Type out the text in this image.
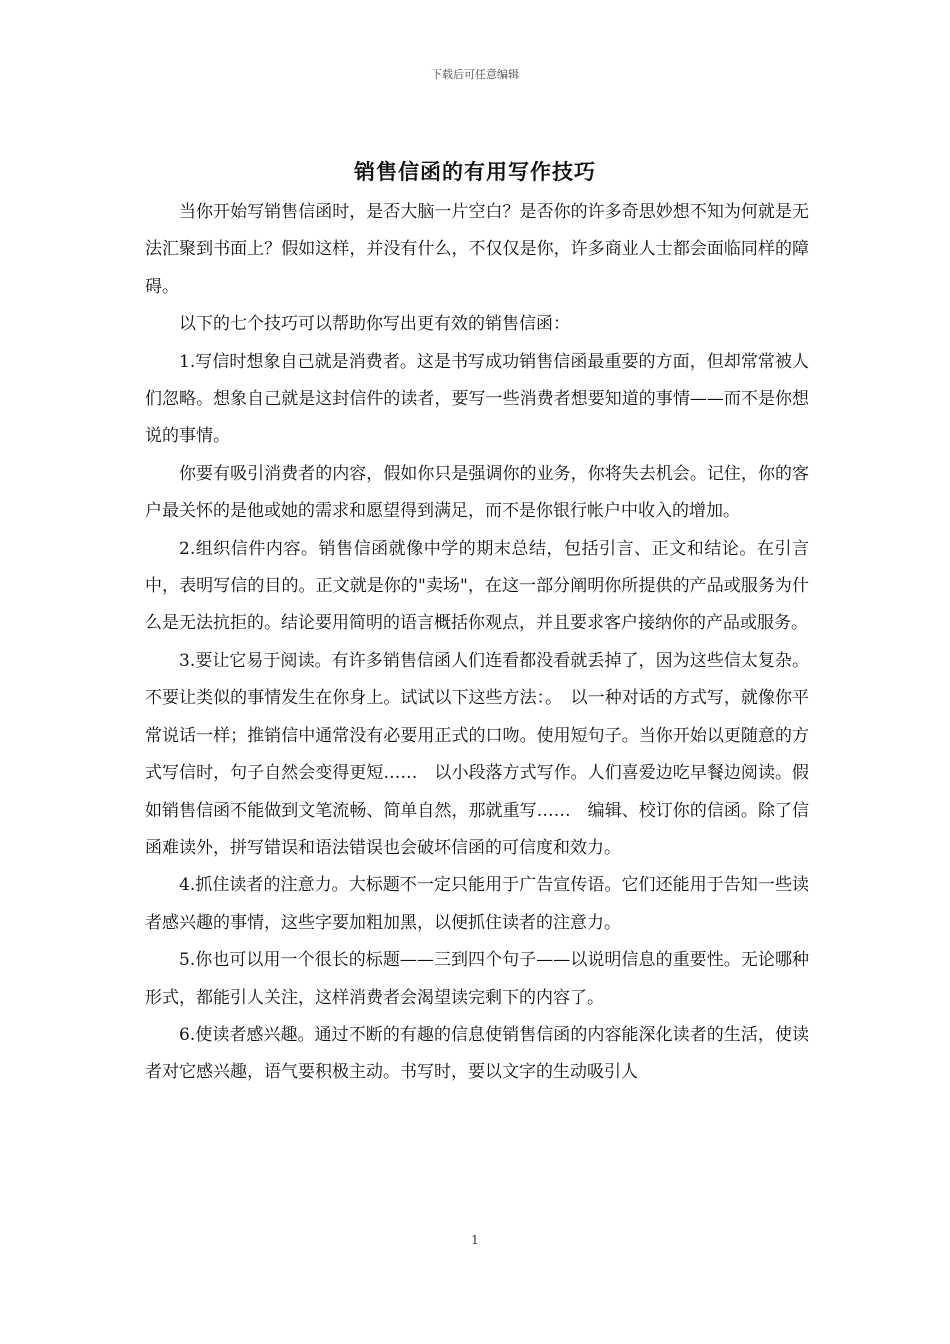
下载后可任意编辑
销售信函的有用写作技巧

当你开始写销售信函时，是否大脑一片空白？是否你的许多奇思妙想不知为何就是无法汇聚到书面上？假如这样，并没有什么，不仅仅是你，许多商业人士都会面临同样的障碍。

以下的七个技巧可以帮助你写出更有效的销售信函：

1.写信时想象自己就是消费者。这是书写成功销售信函最重要的方面，但却常常被人们忽略。想象自己就是这封信件的读者，要写一些消费者想要知道的事情——而不是你想说的事情。

你要有吸引消费者的内容，假如你只是强调你的业务，你将失去机会。记住，你的客户最关怀的是他或她的需求和愿望得到满足，而不是你银行帐户中收入的增加。

2.组织信件内容。销售信函就像中学的期末总结，包括引言、正文和结论。在引言中，表明写信的目的。正文就是你的"卖场"，在这一部分阐明你所提供的产品或服务为什么是无法抗拒的。结论要用简明的语言概括你观点，并且要求客户接纳你的产品或服务。

3.要让它易于阅读。有许多销售信函人们连看都没看就丢掉了，因为这些信太复杂。不要让类似的事情发生在你身上。试试以下这些方法：。　以一种对话的方式写，就像你平常说话一样；推销信中通常没有必要用正式的口吻。使用短句子。当你开始以更随意的方式写信时，句子自然会变得更短……　以小段落方式写作。人们喜爱边吃早餐边阅读。假如销售信函不能做到文笔流畅、简单自然，那就重写……　编辑、校订你的信函。除了信函难读外，拼写错误和语法错误也会破坏信函的可信度和效力。

4.抓住读者的注意力。大标题不一定只能用于广告宣传语。它们还能用于告知一些读者感兴趣的事情，这些字要加粗加黑，以便抓住读者的注意力。

5.你也可以用一个很长的标题——三到四个句子——以说明信息的重要性。无论哪种形式，都能引人关注，这样消费者会渴望读完剩下的内容了。

6.使读者感兴趣。通过不断的有趣的信息使销售信函的内容能深化读者的生活，使读者对它感兴趣，语气要积极主动。书写时，要以文字的生动吸引人

1
